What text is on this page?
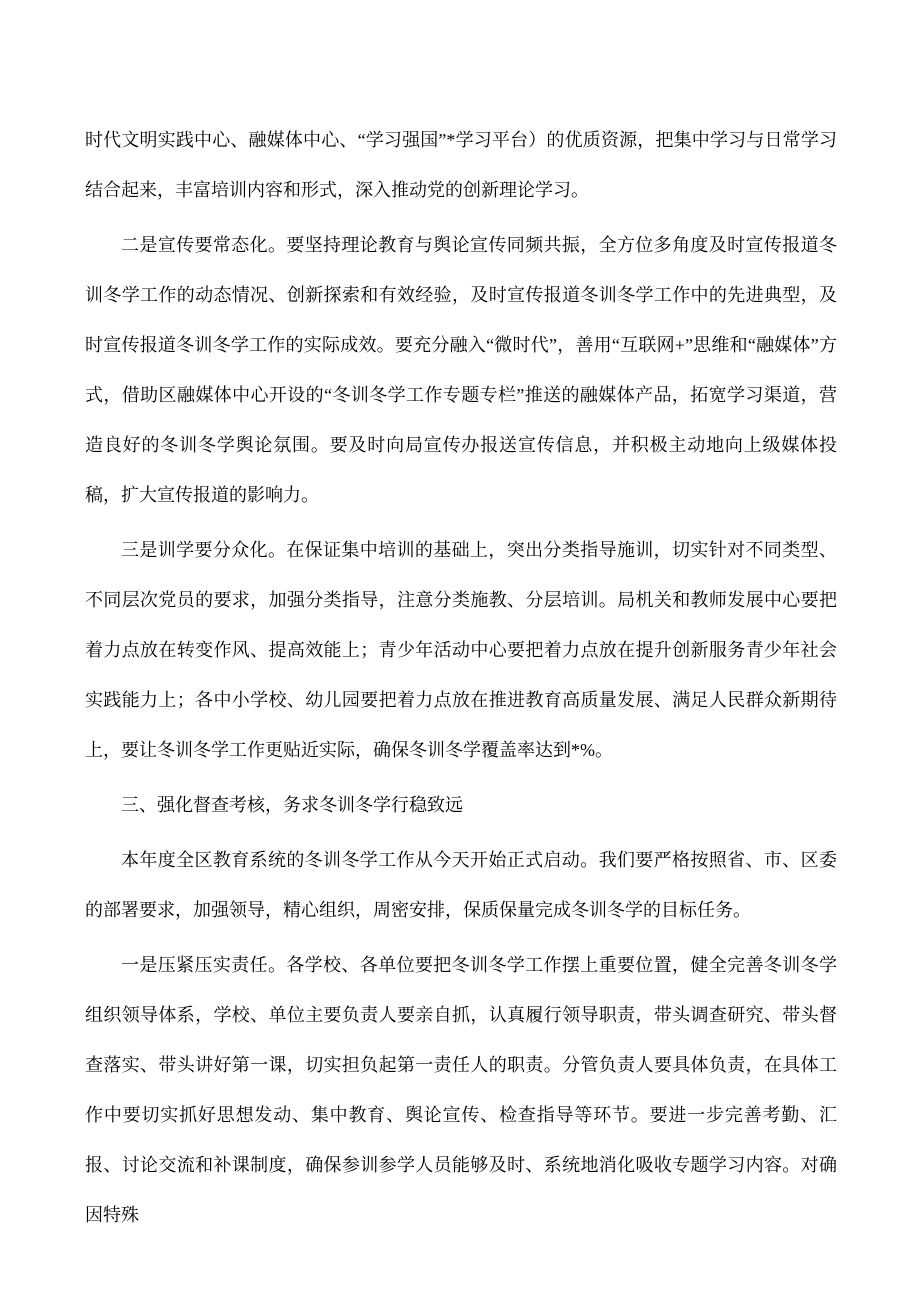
时代文明实践中心、融媒体中心、“学习强国”*学习平台）的优质资源，把集中学习与日常学习结合起来，丰富培训内容和形式，深入推动党的创新理论学习。

二是宣传要常态化。要坚持理论教育与舆论宣传同频共振，全方位多角度及时宣传报道冬训冬学工作的动态情况、创新探索和有效经验，及时宣传报道冬训冬学工作中的先进典型，及时宣传报道冬训冬学工作的实际成效。要充分融入“微时代”，善用“互联网+”思维和“融媒体”方式，借助区融媒体中心开设的“冬训冬学工作专题专栏”推送的融媒体产品，拓宽学习渠道，营造良好的冬训冬学舆论氛围。要及时向局宣传办报送宣传信息，并积极主动地向上级媒体投稿，扩大宣传报道的影响力。

三是训学要分众化。在保证集中培训的基础上，突出分类指导施训，切实针对不同类型、不同层次党员的要求，加强分类指导，注意分类施教、分层培训。局机关和教师发展中心要把着力点放在转变作风、提高效能上；青少年活动中心要把着力点放在提升创新服务青少年社会实践能力上；各中小学校、幼儿园要把着力点放在推进教育高质量发展、满足人民群众新期待上，要让冬训冬学工作更贴近实际，确保冬训冬学覆盖率达到*%。

三、强化督查考核，务求冬训冬学行稳致远

本年度全区教育系统的冬训冬学工作从今天开始正式启动。我们要严格按照省、市、区委的部署要求，加强领导，精心组织，周密安排，保质保量完成冬训冬学的目标任务。

一是压紧压实责任。各学校、各单位要把冬训冬学工作摆上重要位置，健全完善冬训冬学组织领导体系，学校、单位主要负责人要亲自抓，认真履行领导职责，带头调查研究、带头督查落实、带头讲好第一课，切实担负起第一责任人的职责。分管负责人要具体负责，在具体工作中要切实抓好思想发动、集中教育、舆论宣传、检查指导等环节。要进一步完善考勤、汇报、讨论交流和补课制度，确保参训参学人员能够及时、系统地消化吸收专题学习内容。对确因特殊
